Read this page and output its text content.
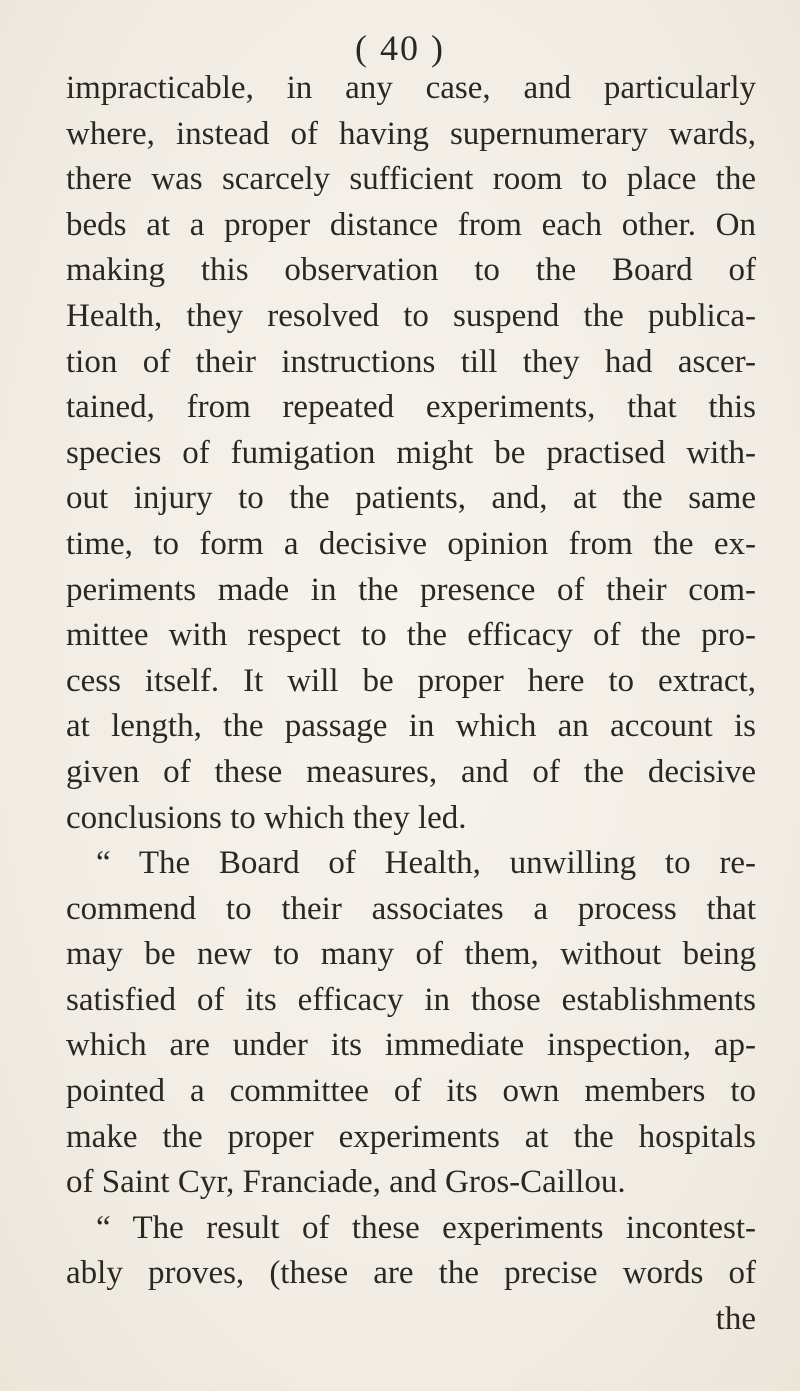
( 40 )
impracticable, in any case, and particularly
where, instead of having supernumerary wards,
there was scarcely sufficient room to place the
beds at a proper distance from each other. On
making this observation to the Board of
Health, they resolved to suspend the publica-
tion of their instructions till they had ascer-
tained, from repeated experiments, that this
species of fumigation might be practised with-
out injury to the patients, and, at the same
time, to form a decisive opinion from the ex-
periments made in the presence of their com-
mittee with respect to the efficacy of the pro-
cess itself. It will be proper here to extract,
at length, the passage in which an account is
given of these measures, and of the decisive
conclusions to which they led.
“ The Board of Health, unwilling to re-
commend to their associates a process that
may be new to many of them, without being
satisfied of its efficacy in those establishments
which are under its immediate inspection, ap-
pointed a committee of its own members to
make the proper experiments at the hospitals
of Saint Cyr, Franciade, and Gros-Caillou.
“ The result of these experiments incontest-
ably proves, (these are the precise words of
the
